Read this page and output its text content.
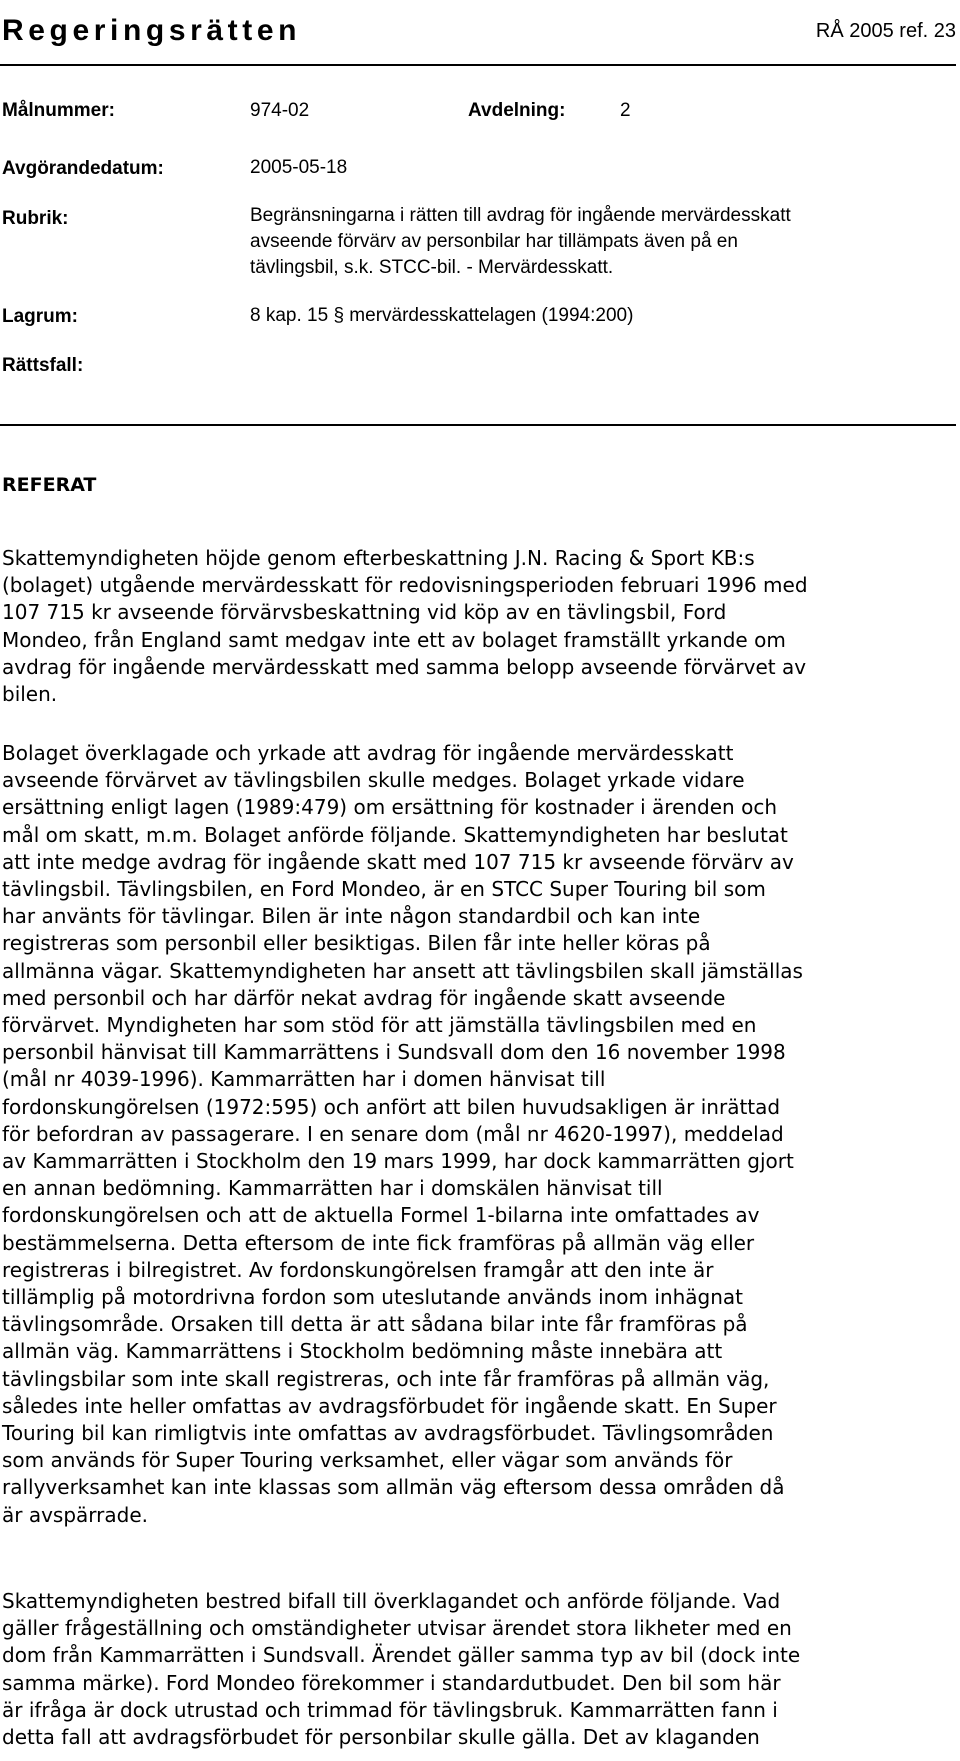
Regeringsrätten	RÅ 2005 ref. 23
Målnummer:	974-02	Avdelning:	2
Avgörandedatum:	2005-05-18
Rubrik:	Begränsningarna i rätten till avdrag för ingående mervärdesskatt
avseende förvärv av personbilar har tillämpats även på en
tävlingsbil, s.k. STCC-bil. - Mervärdesskatt.
Lagrum:	8 kap. 15 § mervärdesskattelagen (1994:200)
Rättsfall:
REFERAT
Skattemyndigheten höjde genom efterbeskattning J.N. Racing & Sport KB:s
(bolaget) utgående mervärdesskatt för redovisningsperioden februari 1996 med
107 715 kr avseende förvärvsbeskattning vid köp av en tävlingsbil, Ford
Mondeo, från England samt medgav inte ett av bolaget framställt yrkande om
avdrag för ingående mervärdesskatt med samma belopp avseende förvärvet av
bilen.
Bolaget överklagade och yrkade att avdrag för ingående mervärdesskatt
avseende förvärvet av tävlingsbilen skulle medges. Bolaget yrkade vidare
ersättning enligt lagen (1989:479) om ersättning för kostnader i ärenden och
mål om skatt, m.m. Bolaget anförde följande. Skattemyndigheten har beslutat
att inte medge avdrag för ingående skatt med 107 715 kr avseende förvärv av
tävlingsbil. Tävlingsbilen, en Ford Mondeo, är en STCC Super Touring bil som
har använts för tävlingar. Bilen är inte någon standardbil och kan inte
registreras som personbil eller besiktigas. Bilen får inte heller köras på
allmänna vägar. Skattemyndigheten har ansett att tävlingsbilen skall jämställas
med personbil och har därför nekat avdrag för ingående skatt avseende
förvärvet. Myndigheten har som stöd för att jämställa tävlingsbilen med en
personbil hänvisat till Kammarrättens i Sundsvall dom den 16 november 1998
(mål nr 4039-1996). Kammarrätten har i domen hänvisat till
fordonskungörelsen (1972:595) och anfört att bilen huvudsakligen är inrättad
för befordran av passagerare. I en senare dom (mål nr 4620-1997), meddelad
av Kammarrätten i Stockholm den 19 mars 1999, har dock kammarrätten gjort
en annan bedömning. Kammarrätten har i domskälen hänvisat till
fordonskungörelsen och att de aktuella Formel 1-bilarna inte omfattades av
bestämmelserna. Detta eftersom de inte fick framföras på allmän väg eller
registreras i bilregistret. Av fordonskungörelsen framgår att den inte är
tillämplig på motordrivna fordon som uteslutande används inom inhägnat
tävlingsområde. Orsaken till detta är att sådana bilar inte får framföras på
allmän väg. Kammarrättens i Stockholm bedömning måste innebära att
tävlingsbilar som inte skall registreras, och inte får framföras på allmän väg,
således inte heller omfattas av avdragsförbudet för ingående skatt. En Super
Touring bil kan rimligtvis inte omfattas av avdragsförbudet. Tävlingsområden
som används för Super Touring verksamhet, eller vägar som används för
rallyverksamhet kan inte klassas som allmän väg eftersom dessa områden då
är avspärrade.
Skattemyndigheten bestred bifall till överklagandet och anförde följande. Vad
gäller frågeställning och omständigheter utvisar ärendet stora likheter med en
dom från Kammarrätten i Sundsvall. Ärendet gäller samma typ av bil (dock inte
samma märke). Ford Mondeo förekommer i standardutbudet. Den bil som här
är ifråga är dock utrustad och trimmad för tävlingsbruk. Kammarrätten fann i
detta fall att avdragsförbudet för personbilar skulle gälla. Det av klaganden
